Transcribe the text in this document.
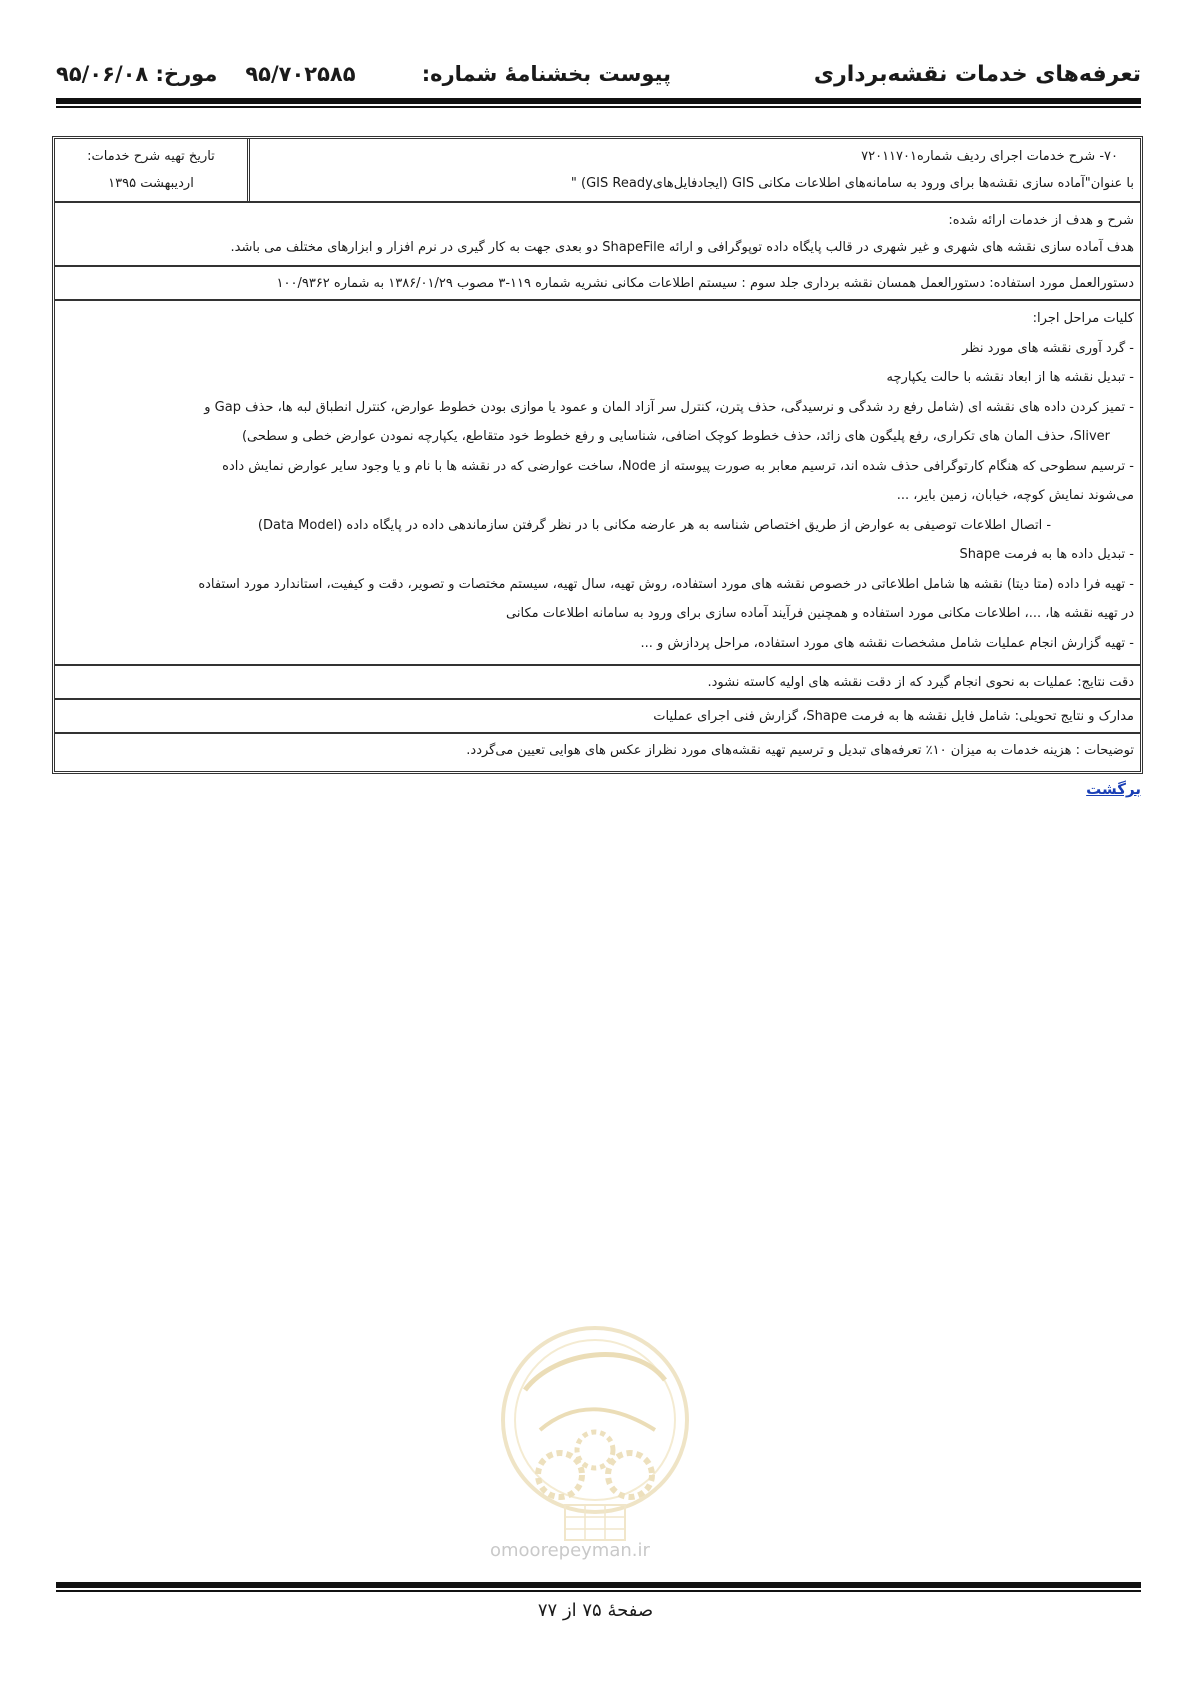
تعرفه‌های خدمات نقشه‌برداری
پیوست بخشنامهٔ شماره:
۹۵/۷۰۲۵۸۵مورخ: ۹۵/۰۶/۰۸
۷۰- شرح خدمات اجرای ردیف شماره۷۲۰۱۱۷۰۱
با عنوان"آماده سازی نقشه‌ها برای ورود به سامانه‌های اطلاعات مکانی GIS (ایجادفایل‌هایGIS Ready) "
تاریخ تهیه شرح خدمات:
اردیبهشت ۱۳۹۵
شرح و هدف از خدمات ارائه شده:
هدف آماده سازی نقشه های شهری و غیر شهری در قالب پایگاه داده توپوگرافی و ارائه ShapeFile دو بعدی جهت به کار گیری در نرم افزار و ابزارهای مختلف می باشد.
دستورالعمل مورد استفاده: دستورالعمل همسان نقشه برداری جلد سوم : سیستم اطلاعات مکانی نشریه شماره ۱۱۹-۳ مصوب ۱۳۸۶/۰۱/۲۹ به شماره ۱۰۰/۹۳۶۲
کلیات مراحل اجرا:
- گرد آوری نقشه های مورد نظر
- تبدیل نقشه ها از ابعاد نقشه با حالت یکپارچه
- تمیز کردن داده های نقشه ای (شامل رفع رد شدگی و نرسیدگی، حذف پترن، کنترل سر آزاد المان و عمود یا موازی بودن خطوط عوارض، کنترل انطباق لبه ها، حذف Gap و
Sliver، حذف المان های تکراری، رفع پلیگون های زائد، حذف خطوط کوچک اضافی، شناسایی و رفع خطوط خود متقاطع، یکپارچه نمودن عوارض خطی و سطحی)
- ترسیم سطوحی که هنگام کارتوگرافی حذف شده اند، ترسیم معابر به صورت پیوسته از Node، ساخت عوارضی که در نقشه ها با نام و یا وجود سایر عوارض نمایش داده
می‌شوند نمایش کوچه، خیابان، زمین بایر، ...
- اتصال اطلاعات توصیفی به عوارض از طریق اختصاص شناسه به هر عارضه مکانی با در نظر گرفتن سازماندهی داده در پایگاه داده (Data Model)
- تبدیل داده ها به فرمت Shape
- تهیه فرا داده (متا دیتا) نقشه ها شامل اطلاعاتی در خصوص نقشه های مورد استفاده، روش تهیه، سال تهیه، سیستم مختصات و تصویر، دقت و کیفیت، استاندارد مورد استفاده
در تهیه نقشه ها، ...، اطلاعات مکانی مورد استفاده و همچنین فرآیند آماده سازی برای ورود به سامانه اطلاعات مکانی
- تهیه گزارش انجام عملیات شامل مشخصات نقشه های مورد استفاده، مراحل پردازش و ...
دقت نتایج: عملیات به نحوی انجام گیرد که از دقت نقشه های اولیه کاسته نشود.
مدارک و نتایج تحویلی: شامل فایل نقشه ها به فرمت Shape، گزارش فنی اجرای عملیات
توضیحات : هزینه خدمات به میزان ۱۰٪ تعرفه‌های تبدیل و ترسیم تهیه نقشه‌های مورد نظراز عکس های هوایی تعیین می‌گردد.
برگشت
omoorepeyman.ir
صفحهٔ ۷۵ از ۷۷
